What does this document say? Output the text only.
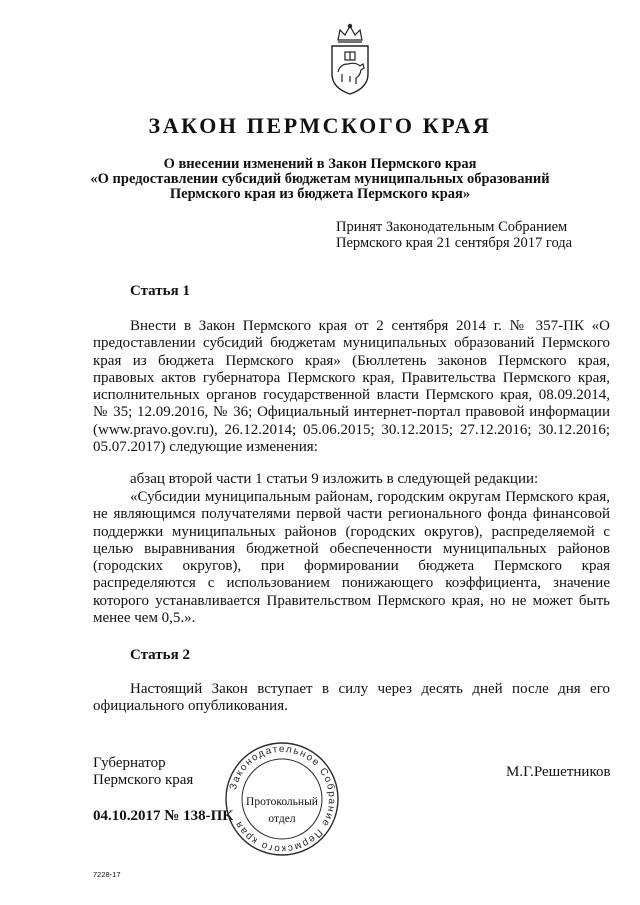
ЗАКОН ПЕРМСКОГО КРАЯ
О внесении изменений в Закон Пермского края
«О предоставлении субсидий бюджетам муниципальных образований
Пермского края из бюджета Пермского края»
Принят Законодательным Собранием
Пермского края 21 сентября 2017 года
Статья 1
Внести в Закон Пермского края от 2 сентября 2014 г. № 357-ПК «О предоставлении субсидий бюджетам муниципальных образований Пермского края из бюджета Пермского края» (Бюллетень законов Пермского края, правовых актов губернатора Пермского края, Правительства Пермского края, исполнительных органов государственной власти Пермского края, 08.09.2014, № 35; 12.09.2016, № 36; Официальный интернет-портал правовой информации (www.pravo.gov.ru), 26.12.2014; 05.06.2015; 30.12.2015; 27.12.2016; 30.12.2016; 05.07.2017) следующие изменения:
абзац второй части 1 статьи 9 изложить в следующей редакции:
«Субсидии муниципальным районам, городским округам Пермского края, не являющимся получателями первой части регионального фонда финансовой поддержки муниципальных районов (городских округов), распределяемой с целью выравнивания бюджетной обеспеченности муниципальных районов (городских округов), при формировании бюджета Пермского края распределяются с использованием понижающего коэффициента, значение которого устанавливается Правительством Пермского края, но не может быть менее чем 0,5.».
Статья 2
Настоящий Закон вступает в силу через десять дней после дня его официального опубликования.
Губернатор
Пермского края	М.Г.Решетников
04.10.2017 № 138-ПК
Законодательное Собрание Пермского края
Протокольный
отдел
7228-17
